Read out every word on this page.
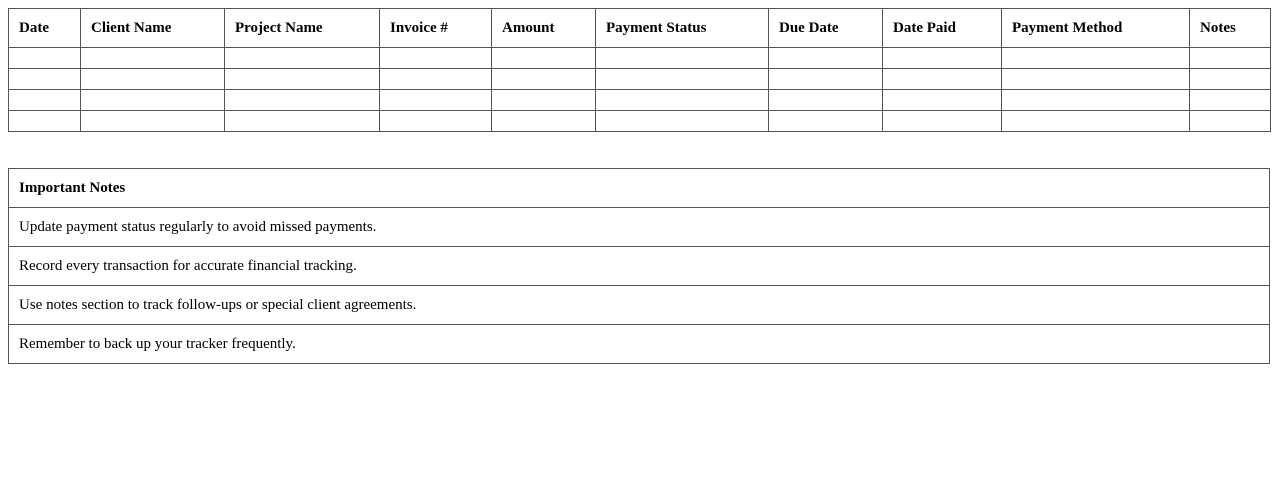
Date	Client Name	Project Name	Invoice #	Amount	Payment Status	Due Date	Date Paid	Payment Method	Notes

Important Notes
Update payment status regularly to avoid missed payments.
Record every transaction for accurate financial tracking.
Use notes section to track follow-ups or special client agreements.
Remember to back up your tracker frequently.
